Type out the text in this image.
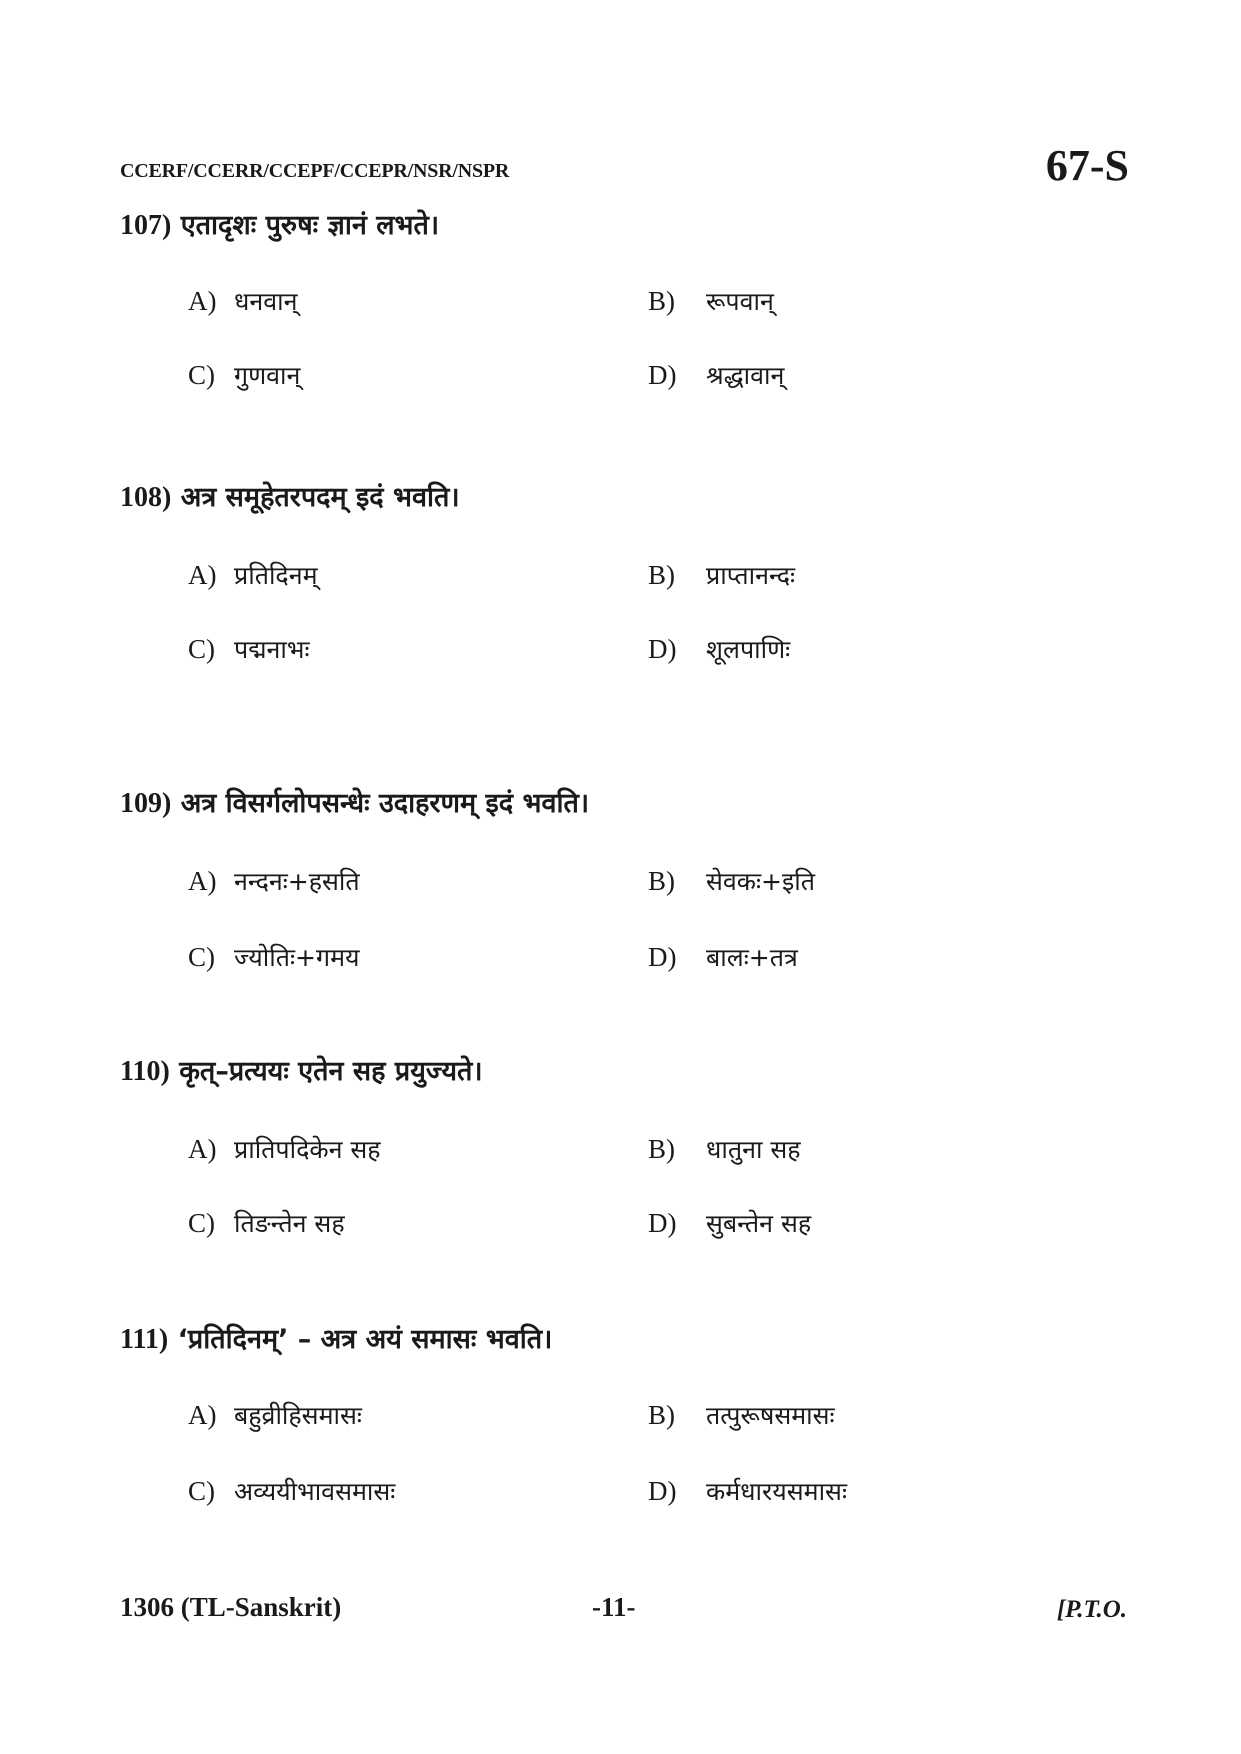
CCERF/CCERR/CCEPF/CCEPR/NSR/NSPR	67-S
107) एतादृशः पुरुषः ज्ञानं लभते।
A) धनवान्	B) रूपवान्
C) गुणवान्	D) श्रद्धावान्
108) अत्र समूहेतरपदम् इदं भवति।
A) प्रतिदिनम्	B) प्राप्तानन्दः
C) पद्मनाभः	D) शूलपाणिः
109) अत्र विसर्गलोपसन्धेः उदाहरणम् इदं भवति।
A) नन्दनः+हसति	B) सेवकः+इति
C) ज्योतिः+गमय	D) बालः+तत्र
110) कृत्–प्रत्ययः एतेन सह प्रयुज्यते।
A) प्रातिपदिकेन सह	B) धातुना सह
C) तिङन्तेन सह	D) सुबन्तेन सह
111) ‘प्रतिदिनम्’ – अत्र अयं समासः भवति।
A) बहुव्रीहिसमासः	B) तत्पुरूषसमासः
C) अव्ययीभावसमासः	D) कर्मधारयसमासः
1306 (TL-Sanskrit)	-11-	[P.T.O.
